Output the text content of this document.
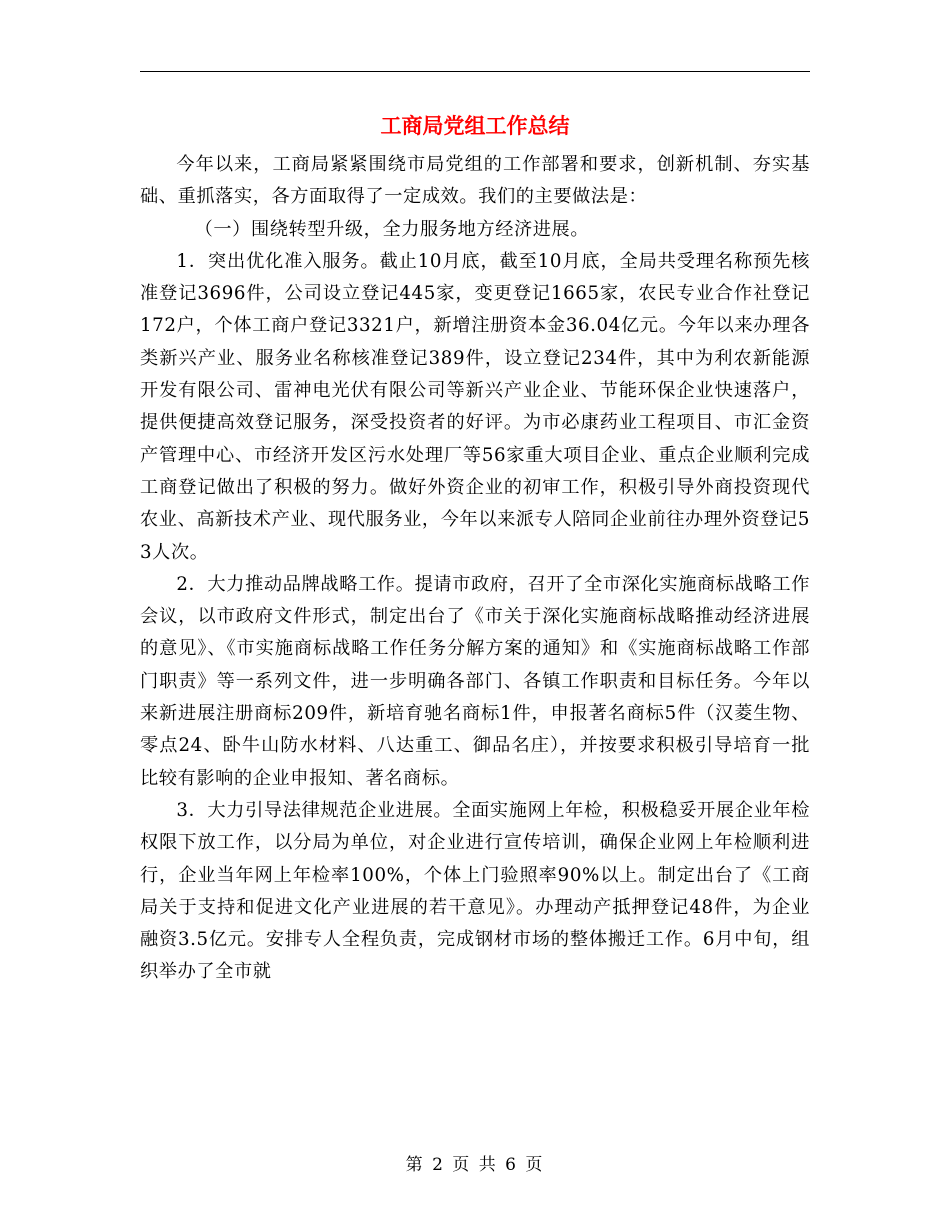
工商局党组工作总结

今年以来，工商局紧紧围绕市局党组的工作部署和要求，创新机制、夯实基础、重抓落实，各方面取得了一定成效。我们的主要做法是：

（一）围绕转型升级，全力服务地方经济进展。

1．突出优化准入服务。截止10月底，截至10月底，全局共受理名称预先核准登记3696件，公司设立登记445家，变更登记1665家，农民专业合作社登记172户，个体工商户登记3321户，新增注册资本金36.04亿元。今年以来办理各类新兴产业、服务业名称核准登记389件，设立登记234件，其中为利农新能源开发有限公司、雷神电光伏有限公司等新兴产业企业、节能环保企业快速落户，提供便捷高效登记服务，深受投资者的好评。为市必康药业工程项目、市汇金资产管理中心、市经济开发区污水处理厂等56家重大项目企业、重点企业顺利完成工商登记做出了积极的努力。做好外资企业的初审工作，积极引导外商投资现代农业、高新技术产业、现代服务业，今年以来派专人陪同企业前往办理外资登记53人次。

2．大力推动品牌战略工作。提请市政府，召开了全市深化实施商标战略工作会议，以市政府文件形式，制定出台了《市关于深化实施商标战略推动经济进展的意见》、《市实施商标战略工作任务分解方案的通知》和《实施商标战略工作部门职责》等一系列文件，进一步明确各部门、各镇工作职责和目标任务。今年以来新进展注册商标209件，新培育驰名商标1件，申报著名商标5件（汉菱生物、零点24、卧牛山防水材料、八达重工、御品名庄），并按要求积极引导培育一批比较有影响的企业申报知、著名商标。

3．大力引导法律规范企业进展。全面实施网上年检，积极稳妥开展企业年检权限下放工作，以分局为单位，对企业进行宣传培训，确保企业网上年检顺利进行，企业当年网上年检率100%，个体上门验照率90%以上。制定出台了《工商局关于支持和促进文化产业进展的若干意见》。办理动产抵押登记48件，为企业融资3.5亿元。安排专人全程负责，完成钢材市场的整体搬迁工作。6月中旬，组织举办了全市就

第 2 页 共 6 页
